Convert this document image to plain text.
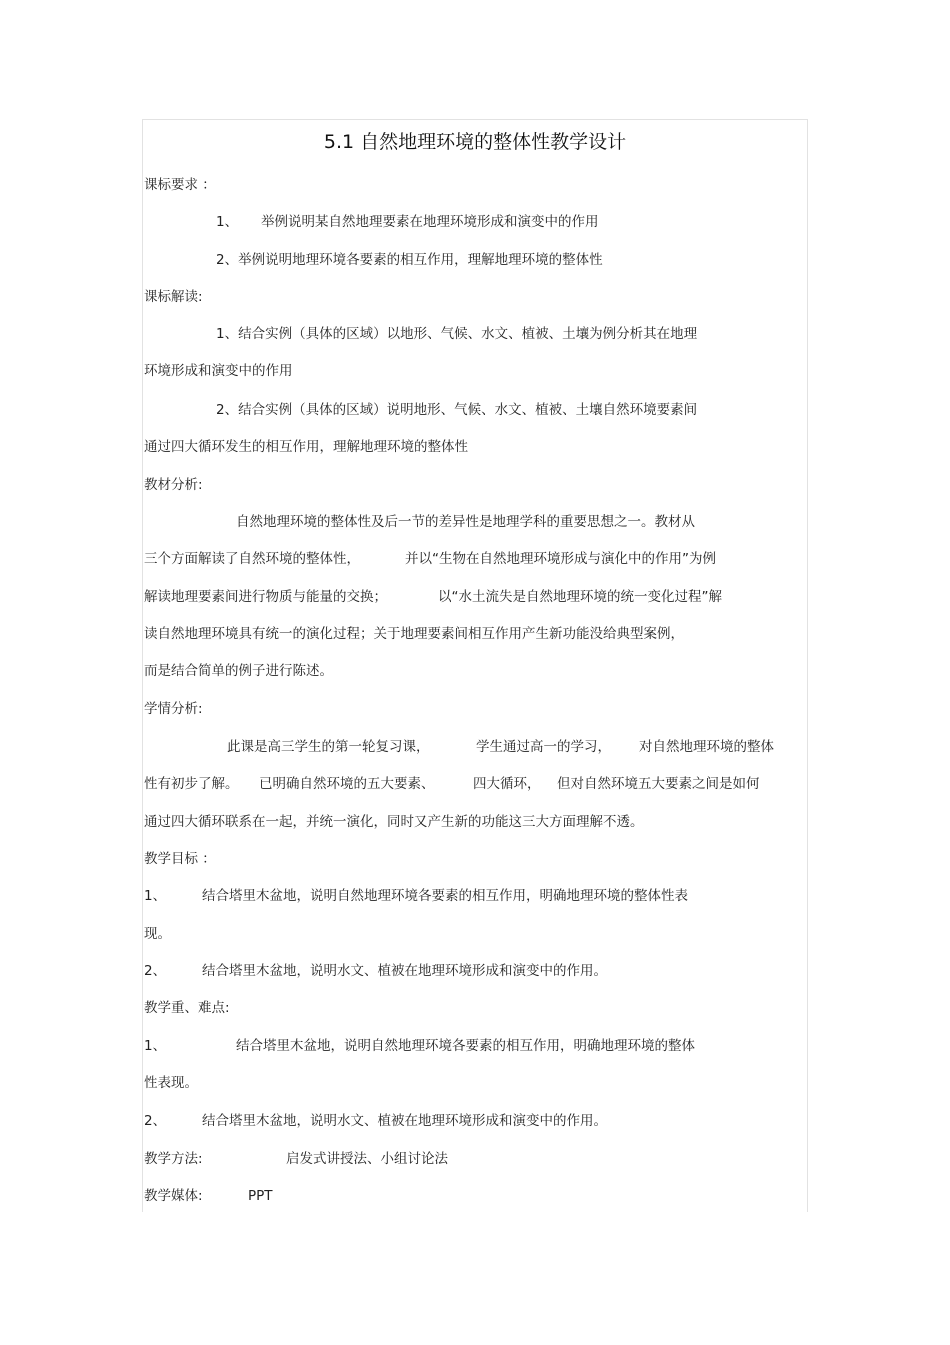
5.1 自然地理环境的整体性教学设计
课标要求 ：
1、 举例说明某自然地理要素在地理环境形成和演变中的作用
2、举例说明地理环境各要素的相互作用，理解地理环境的整体性
课标解读:
1、结合实例（具体的区域）以地形、气候、水文、植被、土壤为例分析其在地理
环境形成和演变中的作用
2、结合实例（具体的区域）说明地形、气候、水文、植被、土壤自然环境要素间
通过四大循环发生的相互作用，理解地理环境的整体性
教材分析:
自然地理环境的整体性及后一节的差异性是地理学科的重要思想之一。教材从
三个方面解读了自然环境的整体性，	并以“生物在自然地理环境形成与演化中的作用”为例
解读地理要素间进行物质与能量的交换；	以“水土流失是自然地理环境的统一变化过程”解
读自然地理环境具有统一的演化过程；关于地理要素间相互作用产生新功能没给典型案例，
而是结合简单的例子进行陈述。
学情分析:
此课是高三学生的第一轮复习课，	学生通过高一的学习， 对自然地理环境的整体
性有初步了解。 已明确自然环境的五大要素、	四大循环， 但对自然环境五大要素之间是如何
通过四大循环联系在一起，并统一演化，同时又产生新的功能这三大方面理解不透。
教学目标 ：
1、	结合塔里木盆地，说明自然地理环境各要素的相互作用，明确地理环境的整体性表
现。
2、	结合塔里木盆地，说明水文、植被在地理环境形成和演变中的作用。
教学重、难点:
1、	结合塔里木盆地，说明自然地理环境各要素的相互作用，明确地理环境的整体
性表现。
2、	结合塔里木盆地，说明水文、植被在地理环境形成和演变中的作用。
教学方法:	启发式讲授法、小组讨论法
教学媒体:	PPT
